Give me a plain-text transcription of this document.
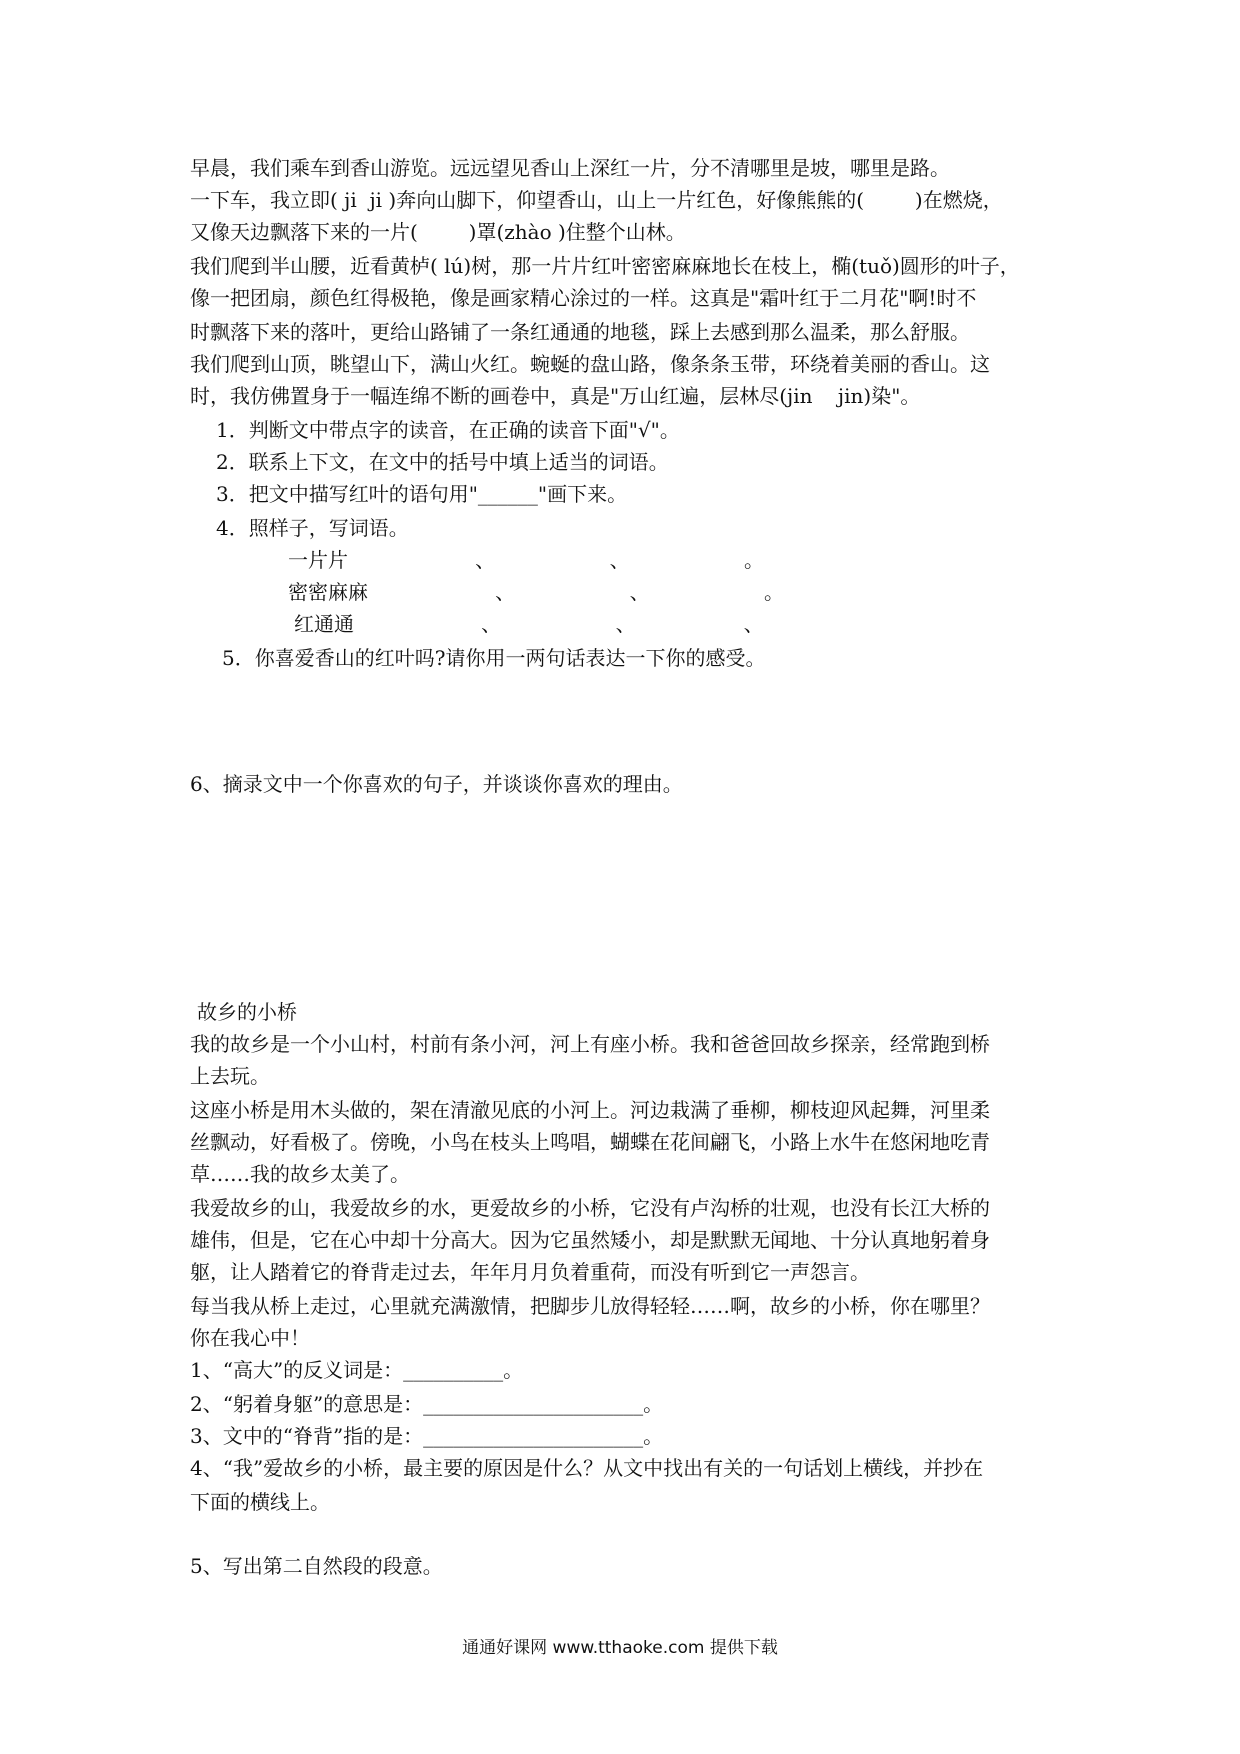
早晨，我们乘车到香山游览。远远望见香山上深红一片，分不清哪里是坡，哪里是路。
一下车，我立即( ji  ji )奔向山脚下，仰望香山，山上一片红色，好像熊熊的(        )在燃烧，
又像天边飘落下来的一片(        )罩(zhào )住整个山林。
我们爬到半山腰，近看黄栌( lú)树，那一片片红叶密密麻麻地长在枝上，椭(tuǒ)圆形的叶子，
像一把团扇，颜色红得极艳，像是画家精心涂过的一样。这真是"霜叶红于二月花"啊!时不
时飘落下来的落叶，更给山路铺了一条红通通的地毯，踩上去感到那么温柔，那么舒服。
我们爬到山顶，眺望山下，满山火红。蜿蜒的盘山路，像条条玉带，环绕着美丽的香山。这
时，我仿佛置身于一幅连绵不断的画卷中，真是"万山红遍，层林尽(jin    jin)染"。
1．判断文中带点字的读音，在正确的读音下面"√"。
2．联系上下文，在文中的括号中填上适当的词语。
3．把文中描写红叶的语句用"______"画下来。
4．照样子，写词语。
一片片                    、                  、                  。
密密麻麻                    、                  、                  。
红通通                    、                  、                 、
5．你喜爱香山的红叶吗?请你用一两句话表达一下你的感受。
6、摘录文中一个你喜欢的句子，并谈谈你喜欢的理由。
故乡的小桥
我的故乡是一个小山村，村前有条小河，河上有座小桥。我和爸爸回故乡探亲，经常跑到桥
上去玩。
这座小桥是用木头做的，架在清澈见底的小河上。河边栽满了垂柳，柳枝迎风起舞，河里柔
丝飘动，好看极了。傍晚，小鸟在枝头上鸣唱，蝴蝶在花间翩飞，小路上水牛在悠闲地吃青
草……我的故乡太美了。
我爱故乡的山，我爱故乡的水，更爱故乡的小桥，它没有卢沟桥的壮观，也没有长江大桥的
雄伟，但是，它在心中却十分高大。因为它虽然矮小，却是默默无闻地、十分认真地躬着身
躯，让人踏着它的脊背走过去，年年月月负着重荷，而没有听到它一声怨言。
每当我从桥上走过，心里就充满激情，把脚步儿放得轻轻……啊，故乡的小桥，你在哪里？
你在我心中！
1、“高大”的反义词是：__________。
2、“躬着身躯”的意思是：______________________。
3、文中的“脊背”指的是：______________________。
4、“我”爱故乡的小桥，最主要的原因是什么？从文中找出有关的一句话划上横线，并抄在
下面的横线上。
5、写出第二自然段的段意。
通通好课网 www.tthaoke.com 提供下载
